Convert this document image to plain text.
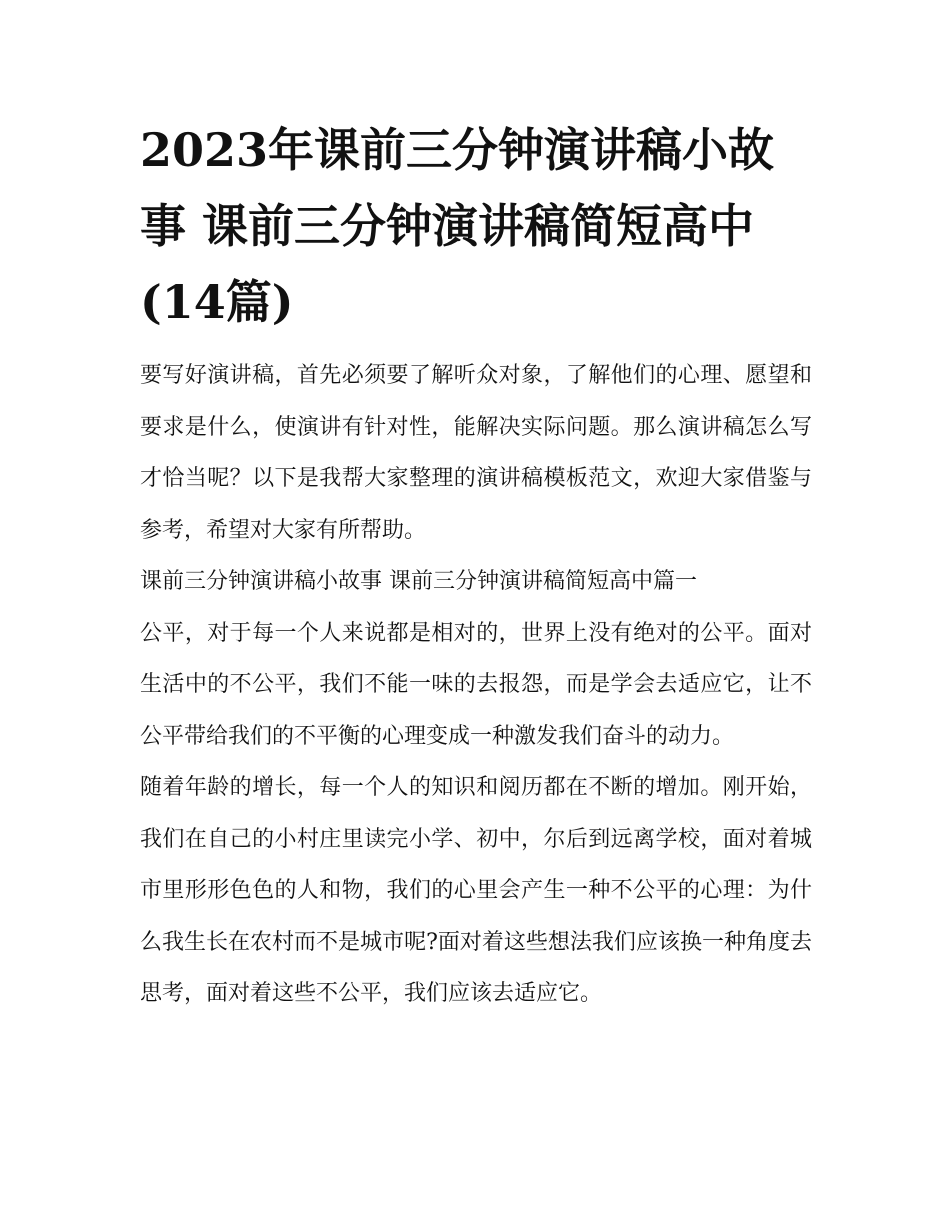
2023年课前三分钟演讲稿小故事 课前三分钟演讲稿简短高中(14篇)

要写好演讲稿，首先必须要了解听众对象，了解他们的心理、愿望和要求是什么，使演讲有针对性，能解决实际问题。那么演讲稿怎么写才恰当呢？以下是我帮大家整理的演讲稿模板范文，欢迎大家借鉴与参考，希望对大家有所帮助。

课前三分钟演讲稿小故事 课前三分钟演讲稿简短高中篇一

公平，对于每一个人来说都是相对的，世界上没有绝对的公平。面对生活中的不公平，我们不能一味的去报怨，而是学会去适应它，让不公平带给我们的不平衡的心理变成一种激发我们奋斗的动力。

随着年龄的增长，每一个人的知识和阅历都在不断的增加。刚开始，我们在自己的小村庄里读完小学、初中，尔后到远离学校，面对着城市里形形色色的人和物，我们的心里会产生一种不公平的心理：为什么我生长在农村而不是城市呢?面对着这些想法我们应该换一种角度去思考，面对着这些不公平，我们应该去适应它。
